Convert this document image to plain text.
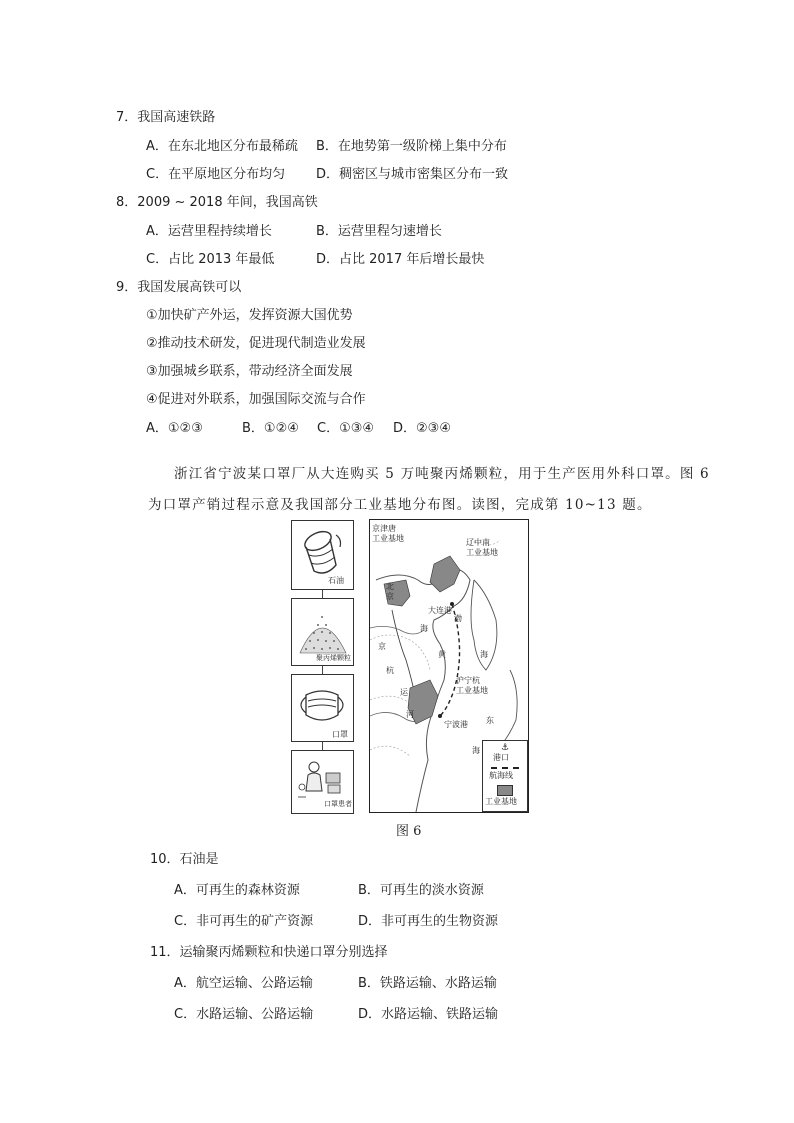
7．我国高速铁路
A．在东北地区分布最稀疏 B．在地势第一级阶梯上集中分布
C．在平原地区分布均匀 D．稠密区与城市密集区分布一致
8．2009 ~ 2018 年间，我国高铁
A．运营里程持续增长	B．运营里程匀速增长
C．占比 2013 年最低	D．占比 2017 年后增长最快
9．我国发展高铁可以
①加快矿产外运，发挥资源大国优势
②推动技术研发，促进现代制造业发展
③加强城乡联系，带动经济全面发展
④促进对外联系，加强国际交流与合作
A．①②③	B．①②④ C．①③④ D．②③④
浙江省宁波某口罩厂从大连购买 5 万吨聚丙烯颗粒，用于生产医用外科口罩。图 6
为口罩产销过程示意及我国部分工业基地分布图。读图，完成第 10~13 题。
石油
聚丙烯颗粒
口罩
口罩患者
京津唐
工业基地	辽中南
工业基地
北
京
渤
大连港
海
黄	海
沪宁杭
工业基地
宁波港 东
海
京
杭
运
河
⚓
港口
航海线
工业基地
图 6
10．石油是
A．可再生的森林资源	B．可再生的淡水资源
C．非可再生的矿产资源	D．非可再生的生物资源
11．运输聚丙烯颗粒和快递口罩分别选择
A．航空运输、公路运输	B．铁路运输、水路运输
C．水路运输、公路运输	D．水路运输、铁路运输
